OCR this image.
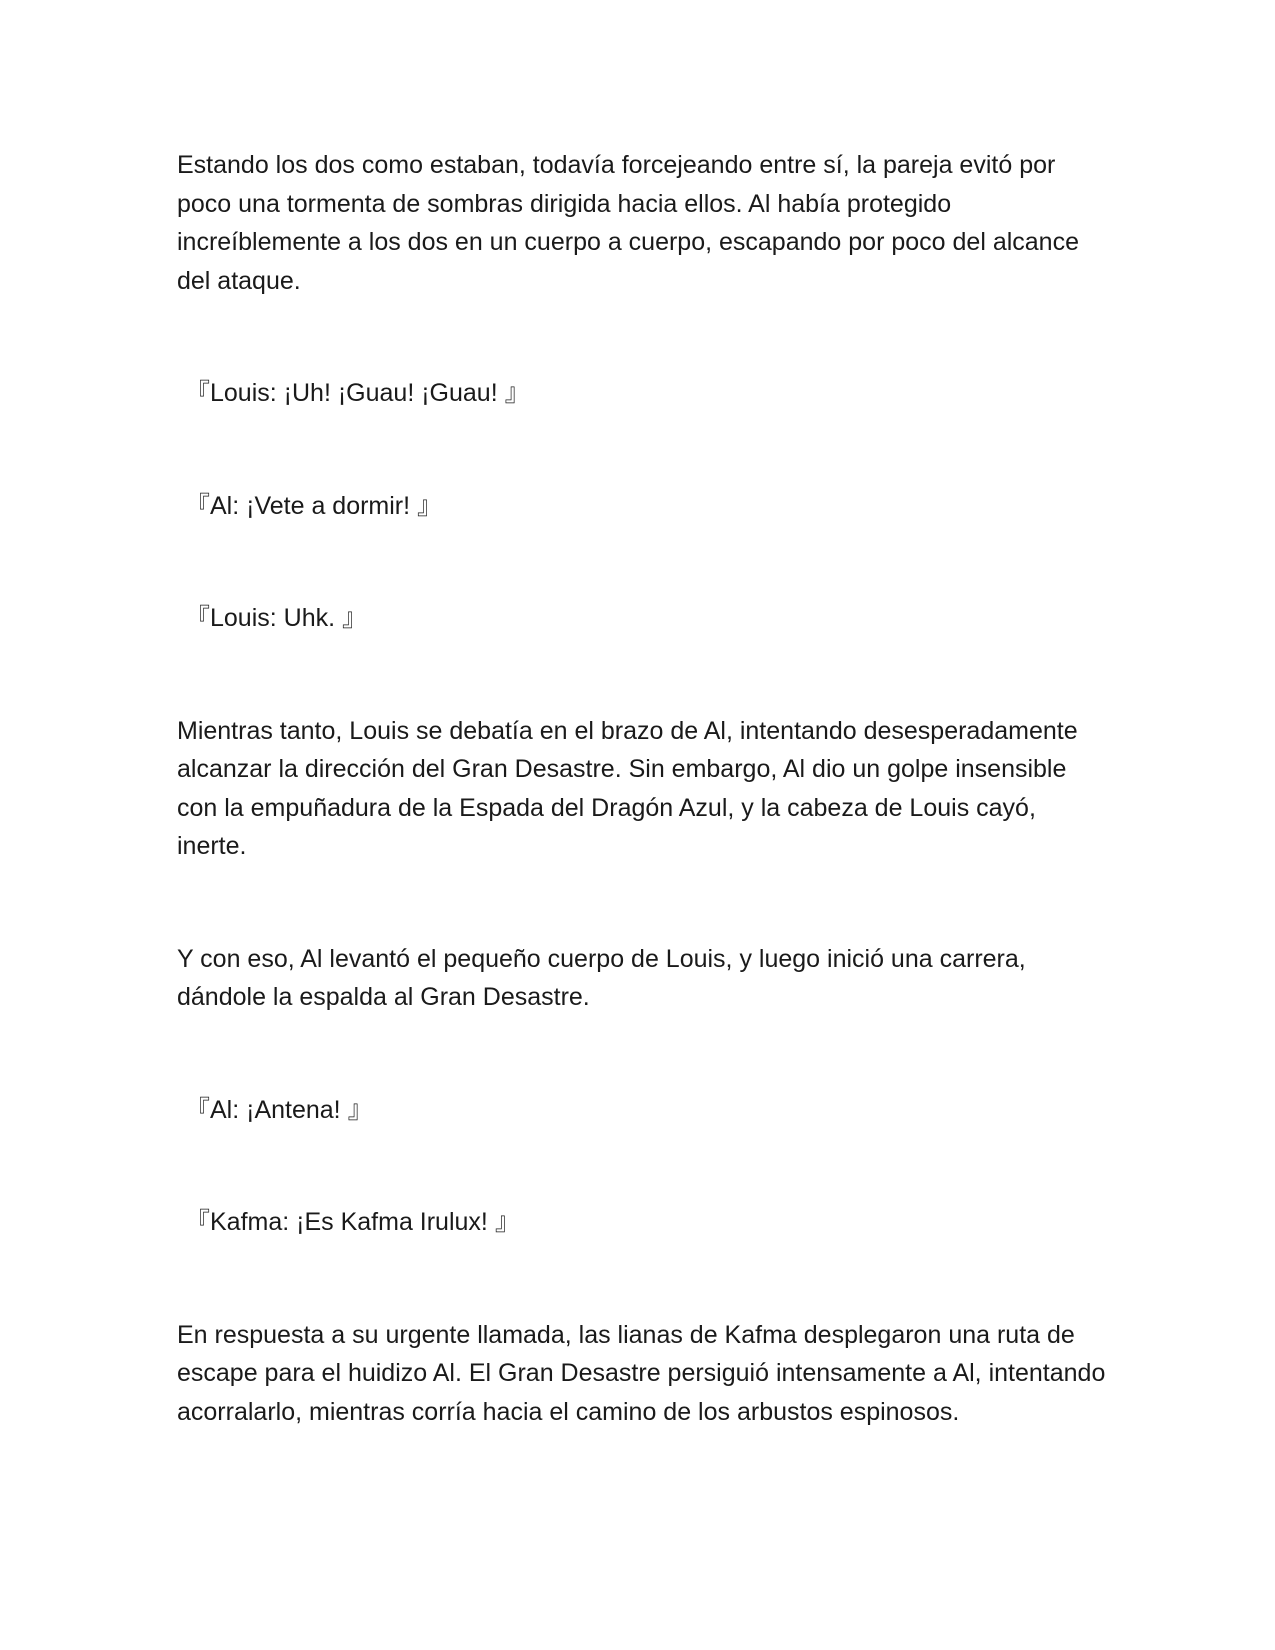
Estando los dos como estaban, todavía forcejeando entre sí, la pareja evitó por poco una tormenta de sombras dirigida hacia ellos. Al había protegido increíblemente a los dos en un cuerpo a cuerpo, escapando por poco del alcance del ataque.

『Louis: ¡Uh! ¡Guau! ¡Guau! 』

『Al: ¡Vete a dormir! 』

『Louis: Uhk. 』

Mientras tanto, Louis se debatía en el brazo de Al, intentando desesperadamente alcanzar la dirección del Gran Desastre. Sin embargo, Al dio un golpe insensible con la empuñadura de la Espada del Dragón Azul, y la cabeza de Louis cayó, inerte.

Y con eso, Al levantó el pequeño cuerpo de Louis, y luego inició una carrera, dándole la espalda al Gran Desastre.

『Al: ¡Antena! 』

『Kafma: ¡Es Kafma Irulux! 』

En respuesta a su urgente llamada, las lianas de Kafma desplegaron una ruta de escape para el huidizo Al. El Gran Desastre persiguió intensamente a Al, intentando acorralarlo, mientras corría hacia el camino de los arbustos espinosos.
